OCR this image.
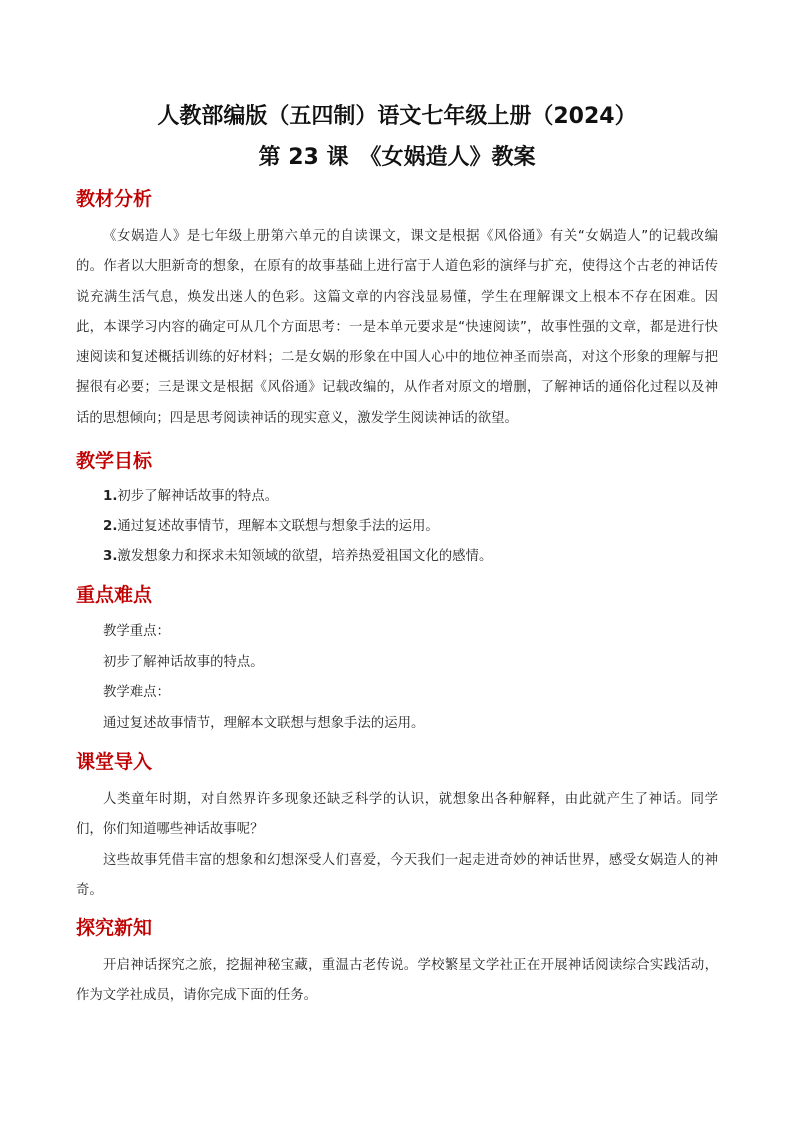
人教部编版（五四制）语文七年级上册（2024）
第 23 课　《女娲造人》教案
教材分析

《女娲造人》是七年级上册第六单元的自读课文，课文是根据《风俗通》有关“女娲造人”的记载改编的。作者以大胆新奇的想象，在原有的故事基础上进行富于人道色彩的演绎与扩充，使得这个古老的神话传说充满生活气息，焕发出迷人的色彩。这篇文章的内容浅显易懂，学生在理解课文上根本不存在困难。因此，本课学习内容的确定可从几个方面思考：一是本单元要求是“快速阅读”，故事性强的文章，都是进行快速阅读和复述概括训练的好材料；二是女娲的形象在中国人心中的地位神圣而崇高，对这个形象的理解与把握很有必要；三是课文是根据《风俗通》记载改编的，从作者对原文的增删，了解神话的通俗化过程以及神话的思想倾向；四是思考阅读神话的现实意义，激发学生阅读神话的欲望。

教学目标

1.初步了解神话故事的特点。

2.通过复述故事情节，理解本文联想与想象手法的运用。

3.激发想象力和探求未知领域的欲望，培养热爱祖国文化的感情。

重点难点

教学重点：

初步了解神话故事的特点。

教学难点：

通过复述故事情节，理解本文联想与想象手法的运用。

课堂导入

人类童年时期，对自然界许多现象还缺乏科学的认识，就想象出各种解释，由此就产生了神话。同学们，你们知道哪些神话故事呢？

这些故事凭借丰富的想象和幻想深受人们喜爱，今天我们一起走进奇妙的神话世界，感受女娲造人的神奇。

探究新知

开启神话探究之旅，挖掘神秘宝藏，重温古老传说。学校繁星文学社正在开展神话阅读综合实践活动，作为文学社成员，请你完成下面的任务。
